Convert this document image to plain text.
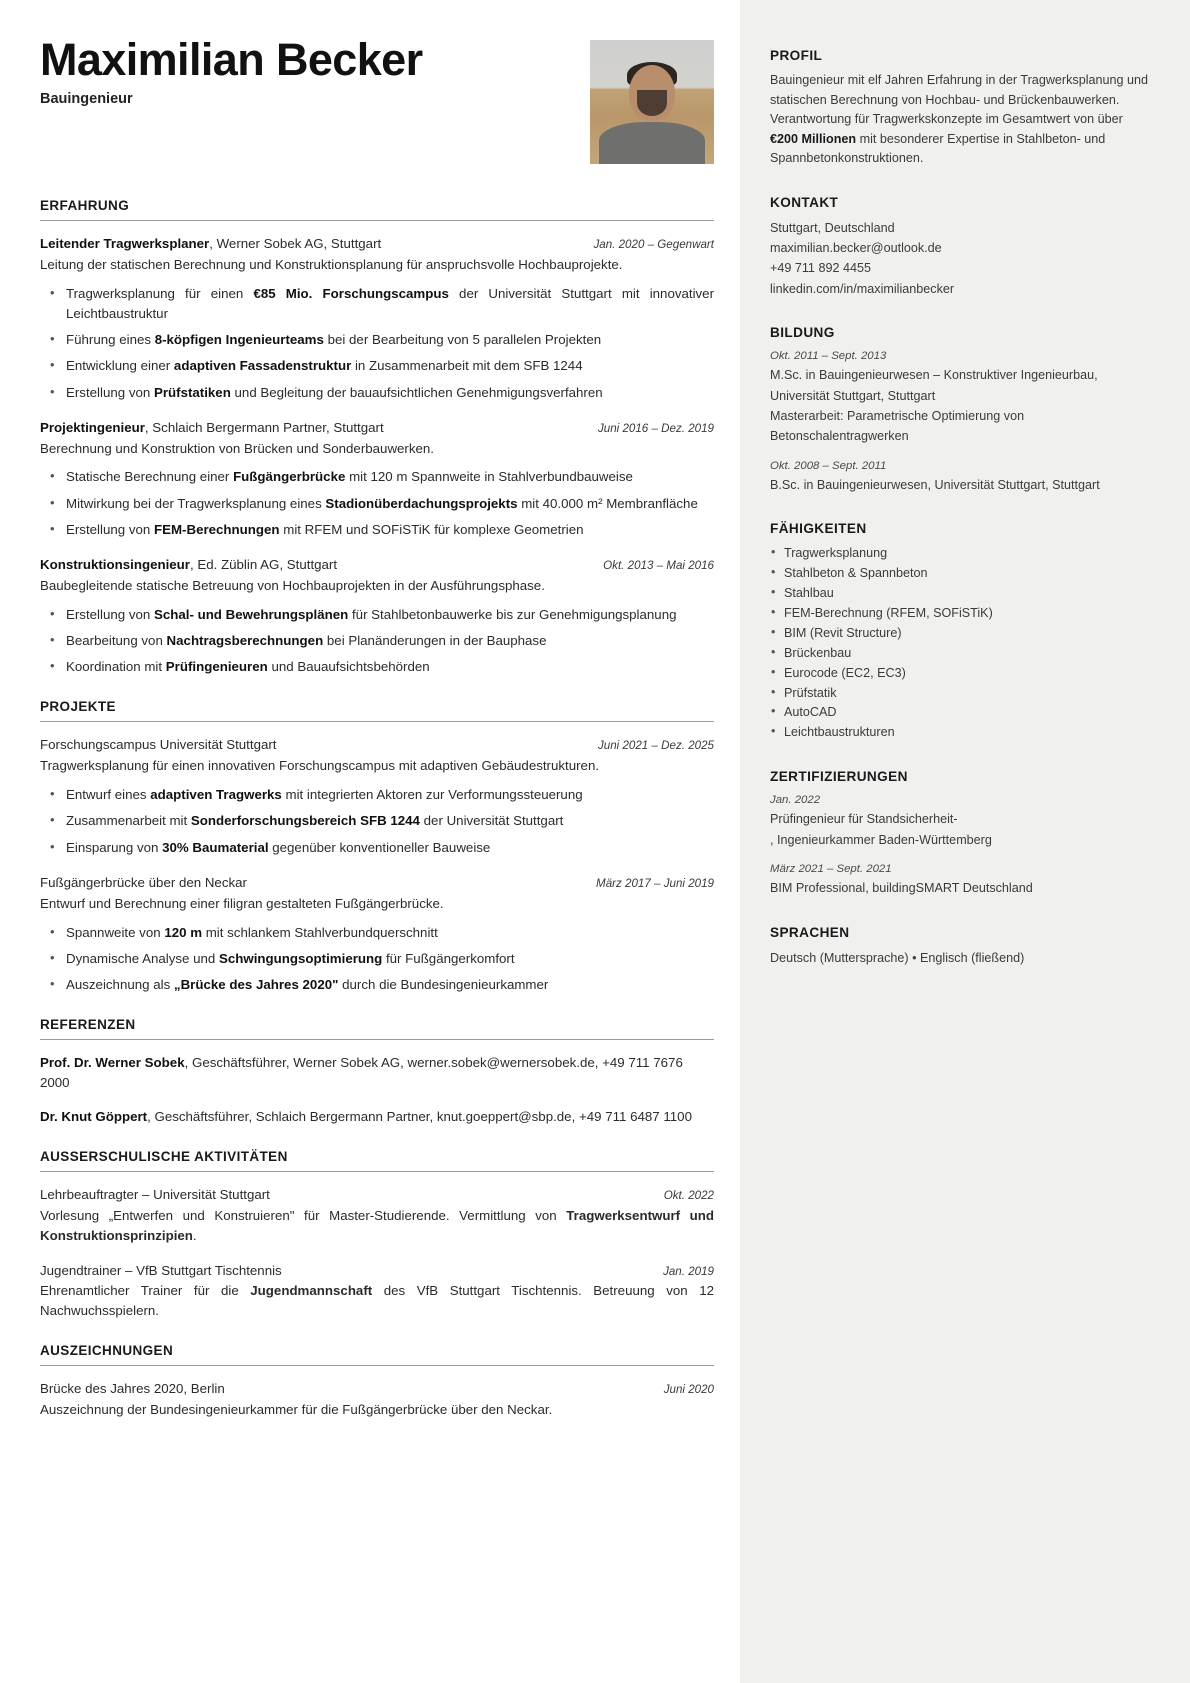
Maximilian Becker
Bauingenieur
ERFAHRUNG
Leitender Tragwerksplaner, Werner Sobek AG, Stuttgart	Jan. 2020 – Gegenwart
Leitung der statischen Berechnung und Konstruktionsplanung für anspruchsvolle Hochbauprojekte.
• Tragwerksplanung für einen €85 Mio. Forschungscampus der Universität Stuttgart mit innovativer Leichtbaustruktur
• Führung eines 8-köpfigen Ingenieurteams bei der Bearbeitung von 5 parallelen Projekten
• Entwicklung einer adaptiven Fassadenstruktur in Zusammenarbeit mit dem SFB 1244
• Erstellung von Prüfstatiken und Begleitung der bauaufsichtlichen Genehmigungsverfahren
Projektingenieur, Schlaich Bergermann Partner, Stuttgart	Juni 2016 – Dez. 2019
Berechnung und Konstruktion von Brücken und Sonderbauwerken.
• Statische Berechnung einer Fußgängerbrücke mit 120 m Spannweite in Stahlverbundbauweise
• Mitwirkung bei der Tragwerksplanung eines Stadionüberdachungsprojekts mit 40.000 m² Membranfläche
• Erstellung von FEM-Berechnungen mit RFEM und SOFiSTiK für komplexe Geometrien
Konstruktionsingenieur, Ed. Züblin AG, Stuttgart	Okt. 2013 – Mai 2016
Baubegleitende statische Betreuung von Hochbauprojekten in der Ausführungsphase.
• Erstellung von Schal- und Bewehrungsplänen für Stahlbetonbauwerke bis zur Genehmigungsplanung
• Bearbeitung von Nachtragsberechnungen bei Planänderungen in der Bauphase
• Koordination mit Prüfingenieuren und Bauaufsichtsbehörden
PROJEKTE
Forschungscampus Universität Stuttgart	Juni 2021 – Dez. 2025
Tragwerksplanung für einen innovativen Forschungscampus mit adaptiven Gebäudestrukturen.
• Entwurf eines adaptiven Tragwerks mit integrierten Aktoren zur Verformungssteuerung
• Zusammenarbeit mit Sonderforschungsbereich SFB 1244 der Universität Stuttgart
• Einsparung von 30% Baumaterial gegenüber konventioneller Bauweise
Fußgängerbrücke über den Neckar	März 2017 – Juni 2019
Entwurf und Berechnung einer filigran gestalteten Fußgängerbrücke.
• Spannweite von 120 m mit schlankem Stahlverbundquerschnitt
• Dynamische Analyse und Schwingungsoptimierung für Fußgängerkomfort
• Auszeichnung als „Brücke des Jahres 2020" durch die Bundesingenieurkammer
REFERENZEN
Prof. Dr. Werner Sobek, Geschäftsführer, Werner Sobek AG, werner.sobek@wernersobek.de, +49 711 7676 2000
Dr. Knut Göppert, Geschäftsführer, Schlaich Bergermann Partner, knut.goeppert@sbp.de, +49 711 6487 1100
AUSSERSCHULISCHE AKTIVITÄTEN
Lehrbeauftragter – Universität Stuttgart	Okt. 2022
Vorlesung „Entwerfen und Konstruieren" für Master-Studierende. Vermittlung von Tragwerksentwurf und Konstruktionsprinzipien.
Jugendtrainer – VfB Stuttgart Tischtennis	Jan. 2019
Ehrenamtlicher Trainer für die Jugendmannschaft des VfB Stuttgart Tischtennis. Betreuung von 12 Nachwuchsspielern.
AUSZEICHNUNGEN
Brücke des Jahres 2020, Berlin	Juni 2020
Auszeichnung der Bundesingenieurkammer für die Fußgängerbrücke über den Neckar.
PROFIL
Bauingenieur mit elf Jahren Erfahrung in der Tragwerksplanung und statischen Berechnung von Hochbau- und Brückenbauwerken. Verantwortung für Tragwerkskonzepte im Gesamtwert von über €200 Millionen mit besonderer Expertise in Stahlbeton- und Spannbetonkonstruktionen.
KONTAKT
Stuttgart, Deutschland
maximilian.becker@outlook.de
+49 711 892 4455
linkedin.com/in/maximilianbecker
BILDUNG
Okt. 2011 – Sept. 2013
M.Sc. in Bauingenieurwesen – Konstruktiver Ingenieurbau, Universität Stuttgart, Stuttgart
Masterarbeit: Parametrische Optimierung von Betonschalentragwerken
Okt. 2008 – Sept. 2011
B.Sc. in Bauingenieurwesen, Universität Stuttgart, Stuttgart
FÄHIGKEITEN
• Tragwerksplanung
• Stahlbeton & Spannbeton
• Stahlbau
• FEM-Berechnung (RFEM, SOFiSTiK)
• BIM (Revit Structure)
• Brückenbau
• Eurocode (EC2, EC3)
• Prüfstatik
• AutoCAD
• Leichtbaustrukturen
ZERTIFIZIERUNGEN
Jan. 2022
Prüfingenieur für Standsicherheit-
, Ingenieurkammer Baden-Württemberg
März 2021 – Sept. 2021
BIM Professional, buildingSMART Deutschland
SPRACHEN
Deutsch (Muttersprache) • Englisch (fließend)
